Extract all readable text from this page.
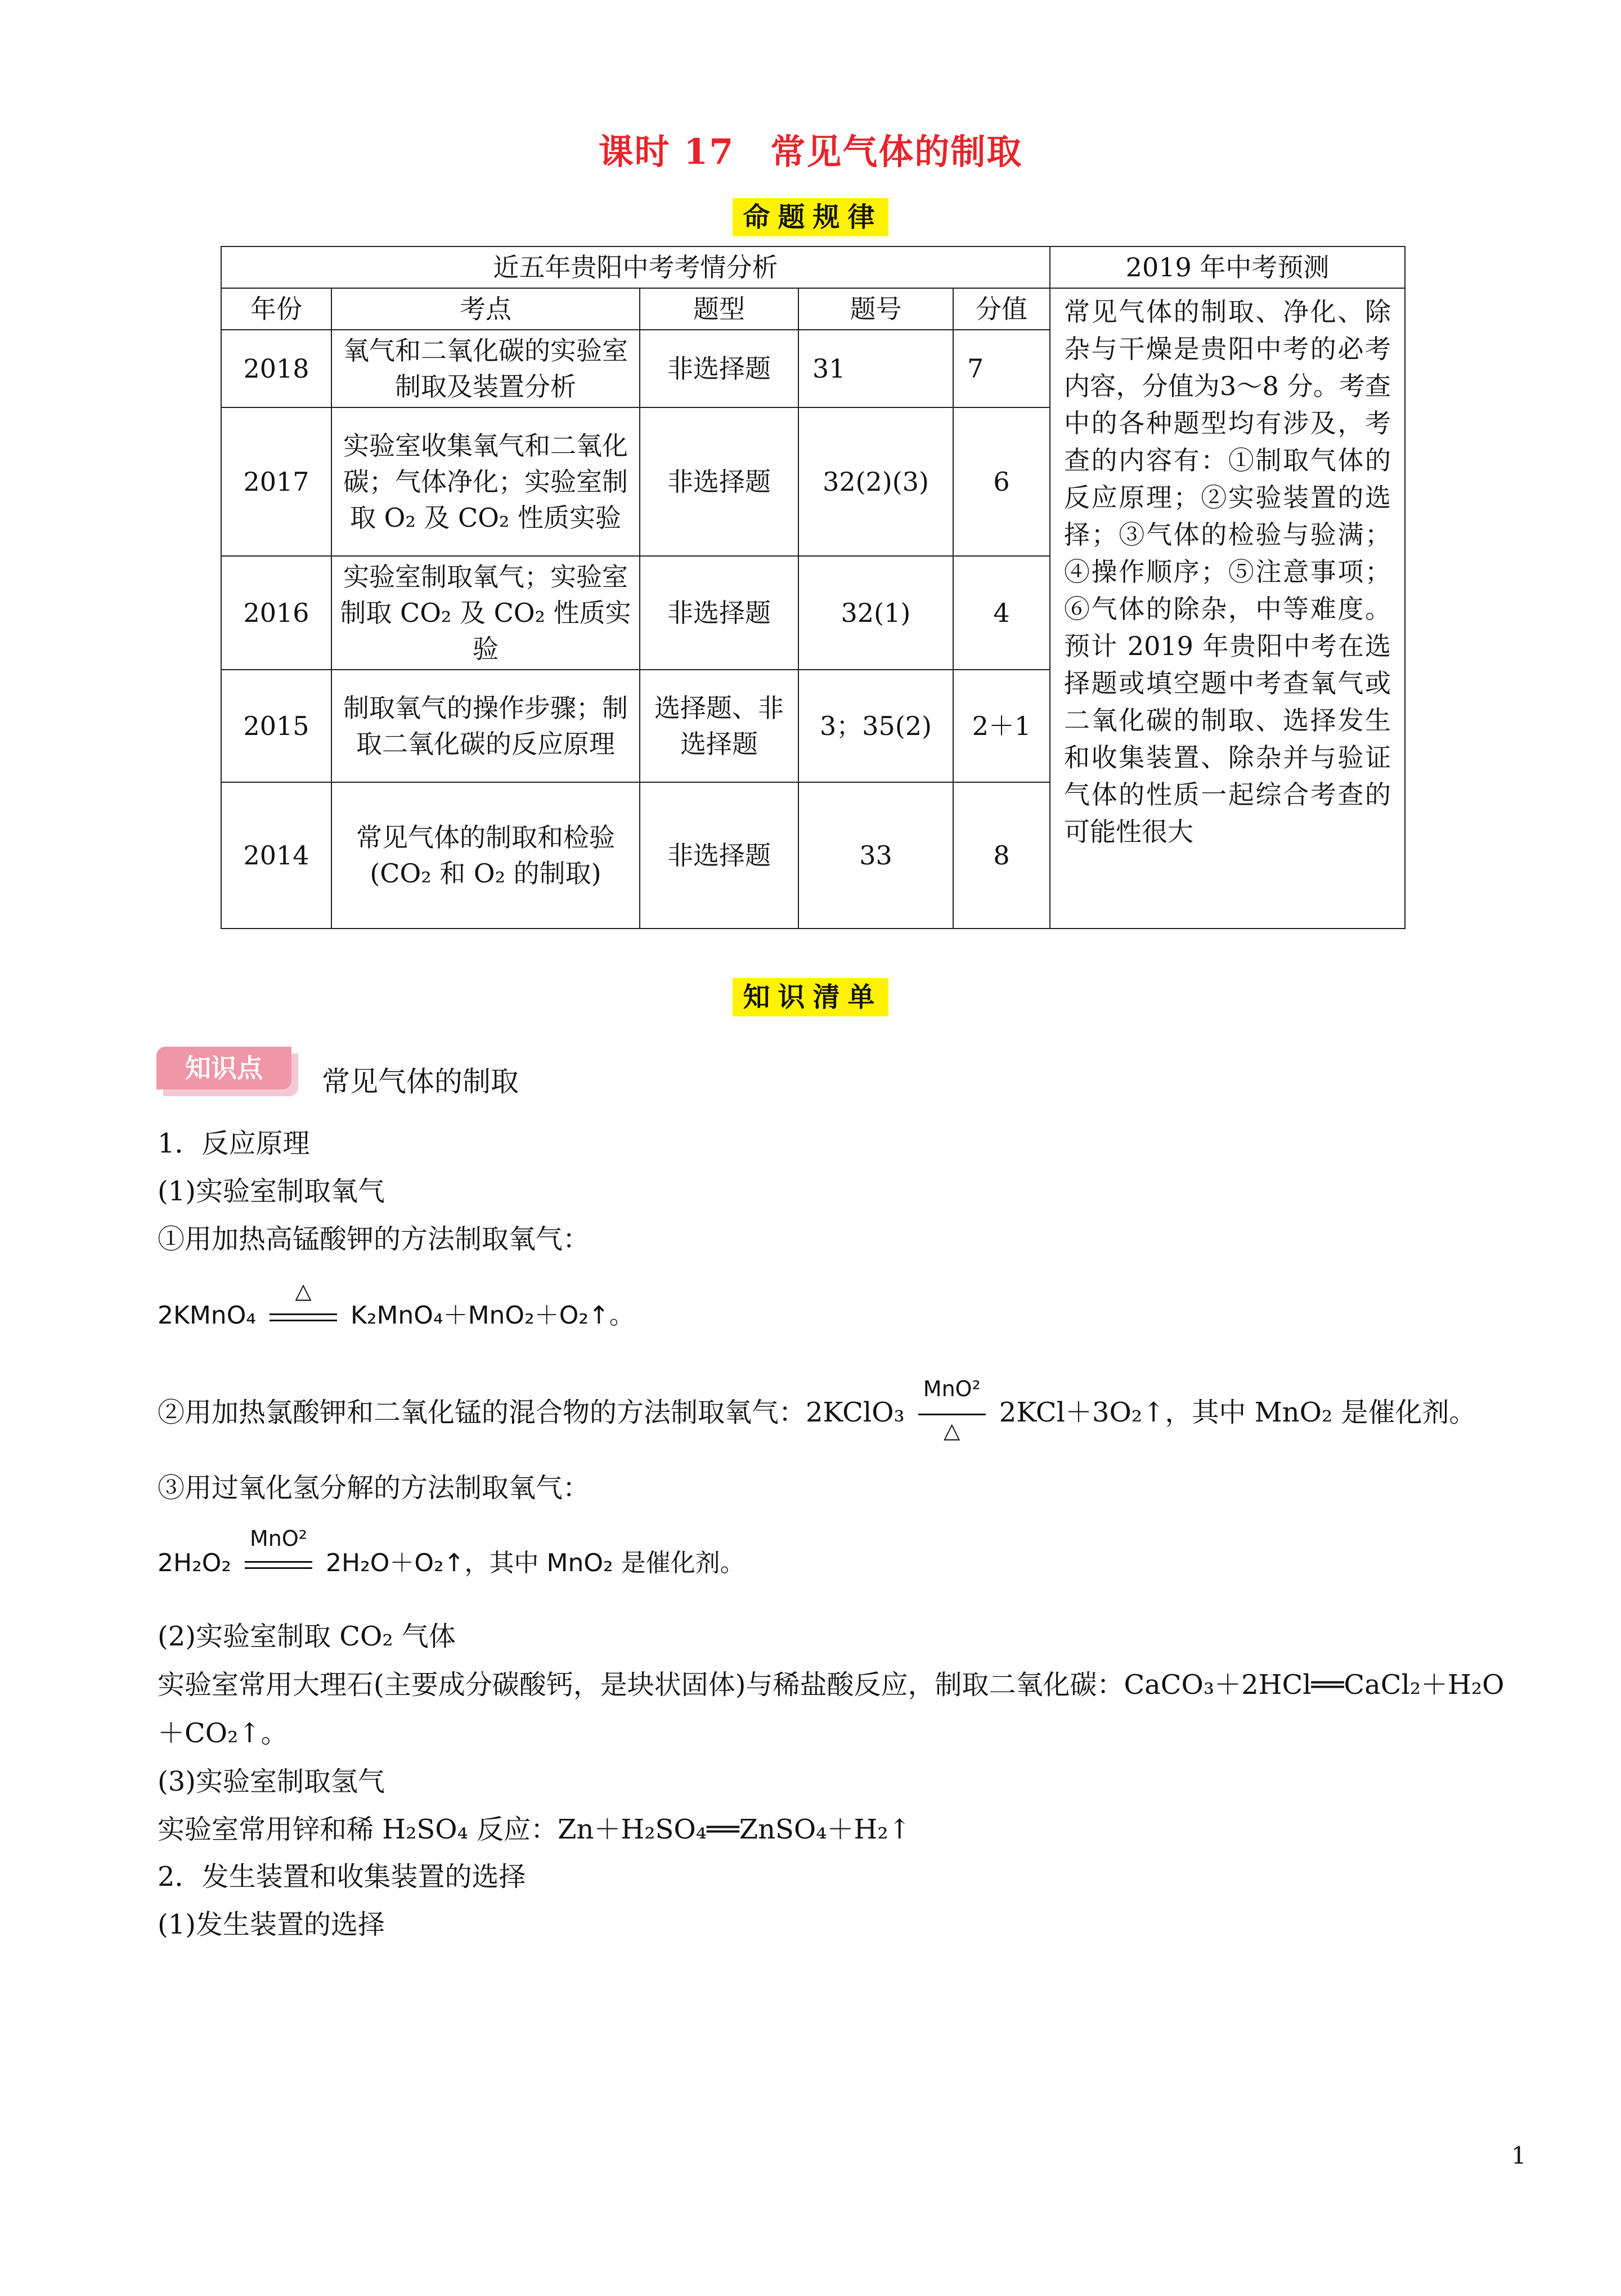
课时 17　常见气体的制取
命题规律
近五年贵阳中考考情分析					2019 年中考预测
年份	考点	题型	题号	分值	常见气体的制取、净化、除杂与干燥是贵阳中考的必考内容，分值为3～8 分。考查中的各种题型均有涉及，考查的内容有：①制取气体的反应原理；②实验装置的选择；③气体的检验与验满；④操作顺序；⑤注意事项；⑥气体的除杂，中等难度。预计 2019 年贵阳中考在选择题或填空题中考查氧气或二氧化碳的制取、选择发生和收集装置、除杂并与验证气体的性质一起综合考查的可能性很大
2018	氧气和二氧化碳的实验室制取及装置分析	非选择题	31	7	
2017	实验室收集氧气和二氧化碳；气体净化；实验室制取 O₂ 及 CO₂ 性质实验	非选择题	32(2)(3)	6	
2016	实验室制取氧气；实验室制取 CO₂ 及 CO₂ 性质实验	非选择题	32(1)	4	
2015	制取氧气的操作步骤；制取二氧化碳的反应原理	选择题、非选择题	3；35(2)	2＋1	
2014	常见气体的制取和检验(CO₂ 和 O₂ 的制取)	非选择题	33	8	
知识清单
知识点	常见气体的制取
1．反应原理
(1)实验室制取氧气
①用加热高锰酸钾的方法制取氧气：
2KMnO₄
△
K₂MnO₄＋MnO₂＋O₂↑。
②用加热氯酸钾和二氧化锰的混合物的方法制取氧气：2KClO₃
MnO²
△
2KCl＋3O₂↑，其中 MnO₂ 是催化剂。
③用过氧化氢分解的方法制取氧气：
2H₂O₂
MnO²
2H₂O＋O₂↑，其中 MnO₂ 是催化剂。
(2)实验室制取 CO₂ 气体
实验室常用大理石(主要成分碳酸钙，是块状固体)与稀盐酸反应，制取二氧化碳：CaCO₃＋2HCl══CaCl₂＋H₂O
＋CO₂↑。
(3)实验室制取氢气
实验室常用锌和稀 H₂SO₄ 反应：Zn＋H₂SO₄══ZnSO₄＋H₂↑
2．发生装置和收集装置的选择
(1)发生装置的选择
1
